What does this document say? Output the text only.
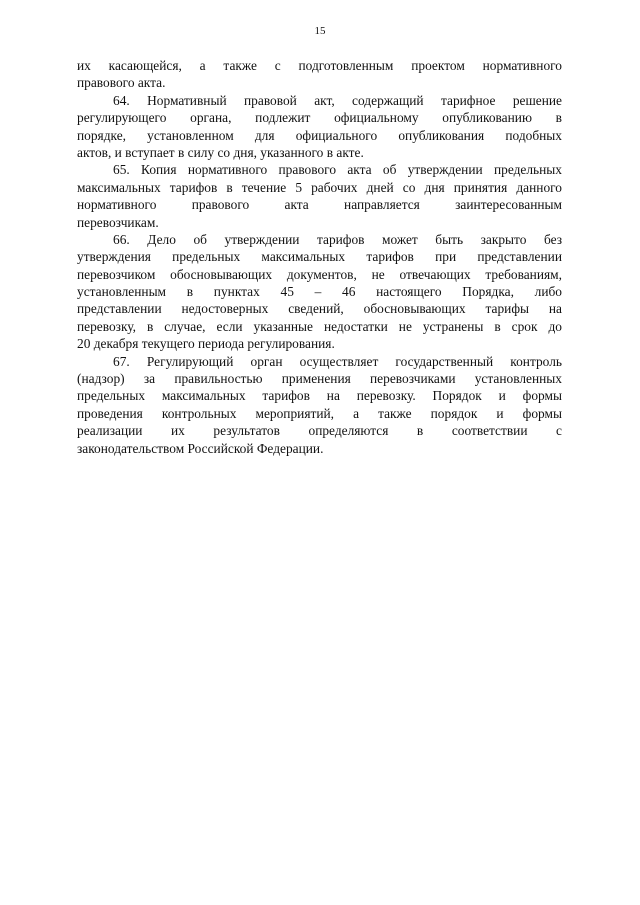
15
их касающейся, а также с подготовленным проектом нормативного
правового акта.
64. Нормативный правовой акт, содержащий тарифное решение
регулирующего органа, подлежит официальному опубликованию в
порядке, установленном для официального опубликования подобных
актов, и вступает в силу со дня, указанного в акте.
65. Копия нормативного правового акта об утверждении предельных
максимальных тарифов в течение 5 рабочих дней со дня принятия данного
нормативного правового акта направляется заинтересованным
перевозчикам.
66. Дело об утверждении тарифов может быть закрыто без
утверждения предельных максимальных тарифов при представлении
перевозчиком обосновывающих документов, не отвечающих требованиям,
установленным в пунктах 45 – 46 настоящего Порядка, либо
представлении недостоверных сведений, обосновывающих тарифы на
перевозку, в случае, если указанные недостатки не устранены в срок до
20 декабря текущего периода регулирования.
67. Регулирующий орган осуществляет государственный контроль
(надзор) за правильностью применения перевозчиками установленных
предельных максимальных тарифов на перевозку. Порядок и формы
проведения контрольных мероприятий, а также порядок и формы
реализации их результатов определяются в соответствии с
законодательством Российской Федерации.
